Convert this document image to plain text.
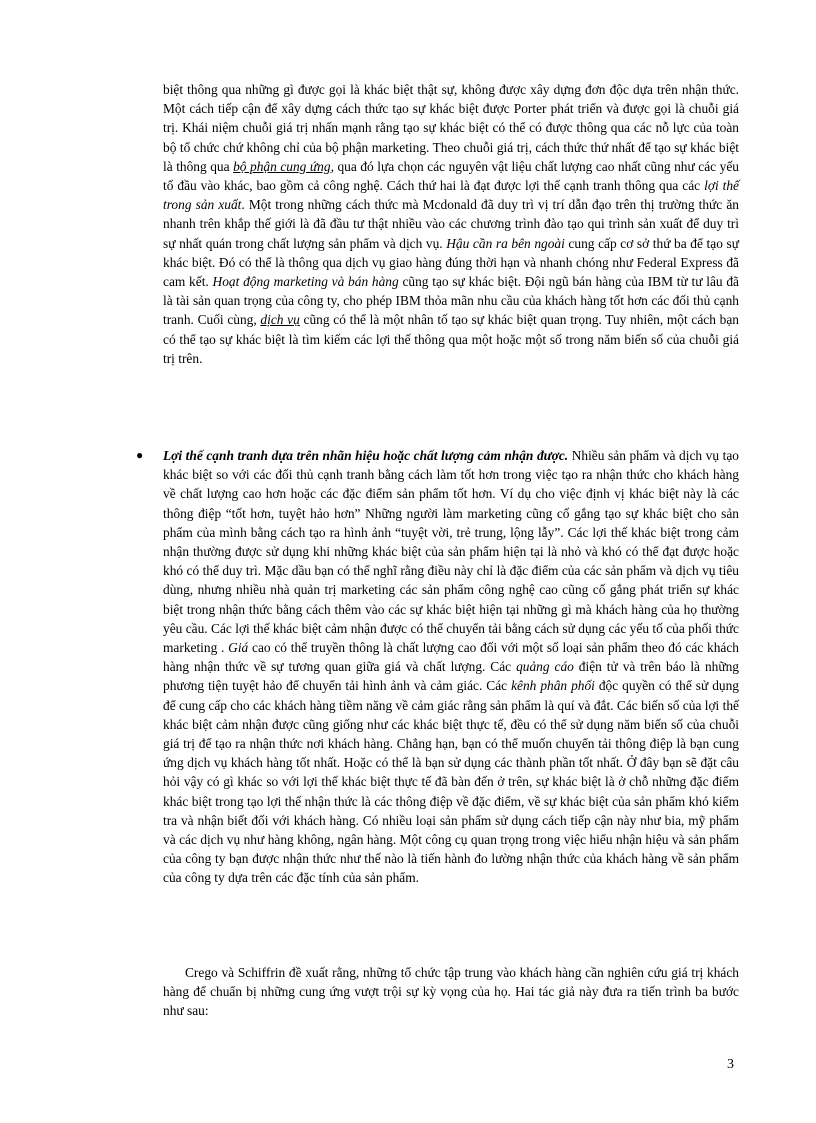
biệt thông qua những gì được gọi là khác biệt thật sự, không được xây dựng đơn độc dựa trên nhận thức. Một cách tiếp cận để xây dựng cách thức tạo sự khác biệt được Porter phát triển và được gọi là chuỗi giá trị. Khái niệm chuỗi giá trị nhấn mạnh rằng tạo sự khác biệt có thể có được thông qua các nỗ lực của toàn bộ tổ chức chứ không chỉ của bộ phận marketing. Theo chuỗi giá trị, cách thức thứ nhất để tạo sự khác biệt là thông qua bộ phận cung ứng, qua đó lựa chọn các nguyên vật liệu chất lượng cao nhất cũng như các yếu tố đầu vào khác, bao gồm cả công nghệ. Cách thứ hai là đạt được lợi thế cạnh tranh thông qua các lợi thế trong sản xuất. Một trong những cách thức mà Mcdonald đã duy trì vị trí dẫn đạo trên thị trường thức ăn nhanh trên khắp thế giới là đã đầu tư thật nhiều vào các chương trình đào tạo qui trình sản xuất để duy trì sự nhất quán trong chất lượng sản phẩm và dịch vụ. Hậu cần ra bên ngoài cung cấp cơ sở thứ ba để tạo sự khác biệt. Đó có thể là thông qua dịch vụ giao hàng đúng thời hạn và nhanh chóng như Federal Express đã cam kết. Hoạt động marketing và bán hàng cũng tạo sự khác biệt. Đội ngũ bán hàng của IBM từ tư lâu đã là tài sản quan trọng của công ty, cho phép IBM thỏa mãn nhu cầu của khách hàng tốt hơn các đối thủ cạnh tranh. Cuối cùng, dịch vụ cũng có thể là một nhân tố tạo sự khác biệt quan trọng. Tuy nhiên, một cách bạn có thể tạo sự khác biệt là tìm kiếm các lợi thế thông qua một hoặc một số trong năm biến số của chuỗi giá trị trên.

● Lợi thế cạnh tranh dựa trên nhãn hiệu hoặc chất lượng cảm nhận được. Nhiều sản phẩm và dịch vụ tạo khác biệt so với các đối thủ cạnh tranh bằng cách làm tốt hơn trong việc tạo ra nhận thức cho khách hàng về chất lượng cao hơn hoặc các đặc điểm sản phẩm tốt hơn. Ví dụ cho việc định vị khác biệt này là các thông điệp “tốt hơn, tuyệt hảo hơn” Những người làm marketing cũng cố gắng tạo sự khác biệt cho sản phẩm của mình bằng cách tạo ra hình ảnh “tuyệt vời, trẻ trung, lộng lẫy”. Các lợi thế khác biệt trong cảm nhận thường được sử dụng khi những khác biệt của sản phẩm hiện tại là nhỏ và khó có thể đạt được hoặc khó có thể duy trì. Mặc dầu bạn có thể nghĩ rằng điều này chỉ là đặc điểm của các sản phẩm và dịch vụ tiêu dùng, nhưng nhiều nhà quản trị marketing các sản phẩm công nghệ cao cũng cố gắng phát triển sự khác biệt trong nhận thức bằng cách thêm vào các sự khác biệt hiện tại những gì mà khách hàng của họ thường yêu cầu. Các lợi thế khác biệt cảm nhận được có thể chuyển tải bằng cách sử dụng các yếu tố của phối thức marketing . Giá cao có thể truyền thông là chất lượng cao đối với một số loại sản phẩm theo đó các khách hàng nhận thức về sự tương quan giữa giá và chất lượng. Các quảng cáo điện tử và trên báo là những phương tiện tuyệt hảo để chuyển tải hình ảnh và cảm giác. Các kênh phân phối độc quyền có thể sử dụng để cung cấp cho các khách hàng tiềm năng về cảm giác rằng sản phẩm là quí và đắt. Các biến số của lợi thế khác biệt cảm nhận được cũng giống như các khác biệt thực tế, đều có thể sử dụng năm biến số của chuỗi giá trị để tạo ra nhận thức nơi khách hàng. Chẳng hạn, bạn có thể muốn chuyển tải thông điệp là bạn cung ứng dịch vụ khách hàng tốt nhất. Hoặc có thể là bạn sử dụng các thành phần tốt nhất. Ở đây bạn sẽ đặt câu hỏi vậy có gì khác so với lợi thế khác biệt thực tế đã bàn đến ở trên, sự khác biệt là ở chỗ những đặc điểm khác biệt trong tạo lợi thế nhận thức là các thông điệp về đặc điểm, về sự khác biệt của sản phẩm khó kiểm tra và nhận biết đối với khách hàng. Có nhiều loại sản phẩm sử dụng cách tiếp cận này như bia, mỹ phẩm và các dịch vụ như hàng không, ngân hàng. Một công cụ quan trọng trong việc hiểu nhận hiệu và sản phẩm của công ty bạn được nhận thức như thế nào là tiến hành đo lường nhận thức của khách hàng về sản phẩm của công ty dựa trên các đặc tính của sản phẩm.

Crego và Schiffrin đề xuất rằng, những tổ chức tập trung vào khách hàng cần nghiên cứu giá trị khách hàng để chuẩn bị những cung ứng vượt trội sự kỳ vọng của họ. Hai tác giả này đưa ra tiến trình ba bước như sau:

3
